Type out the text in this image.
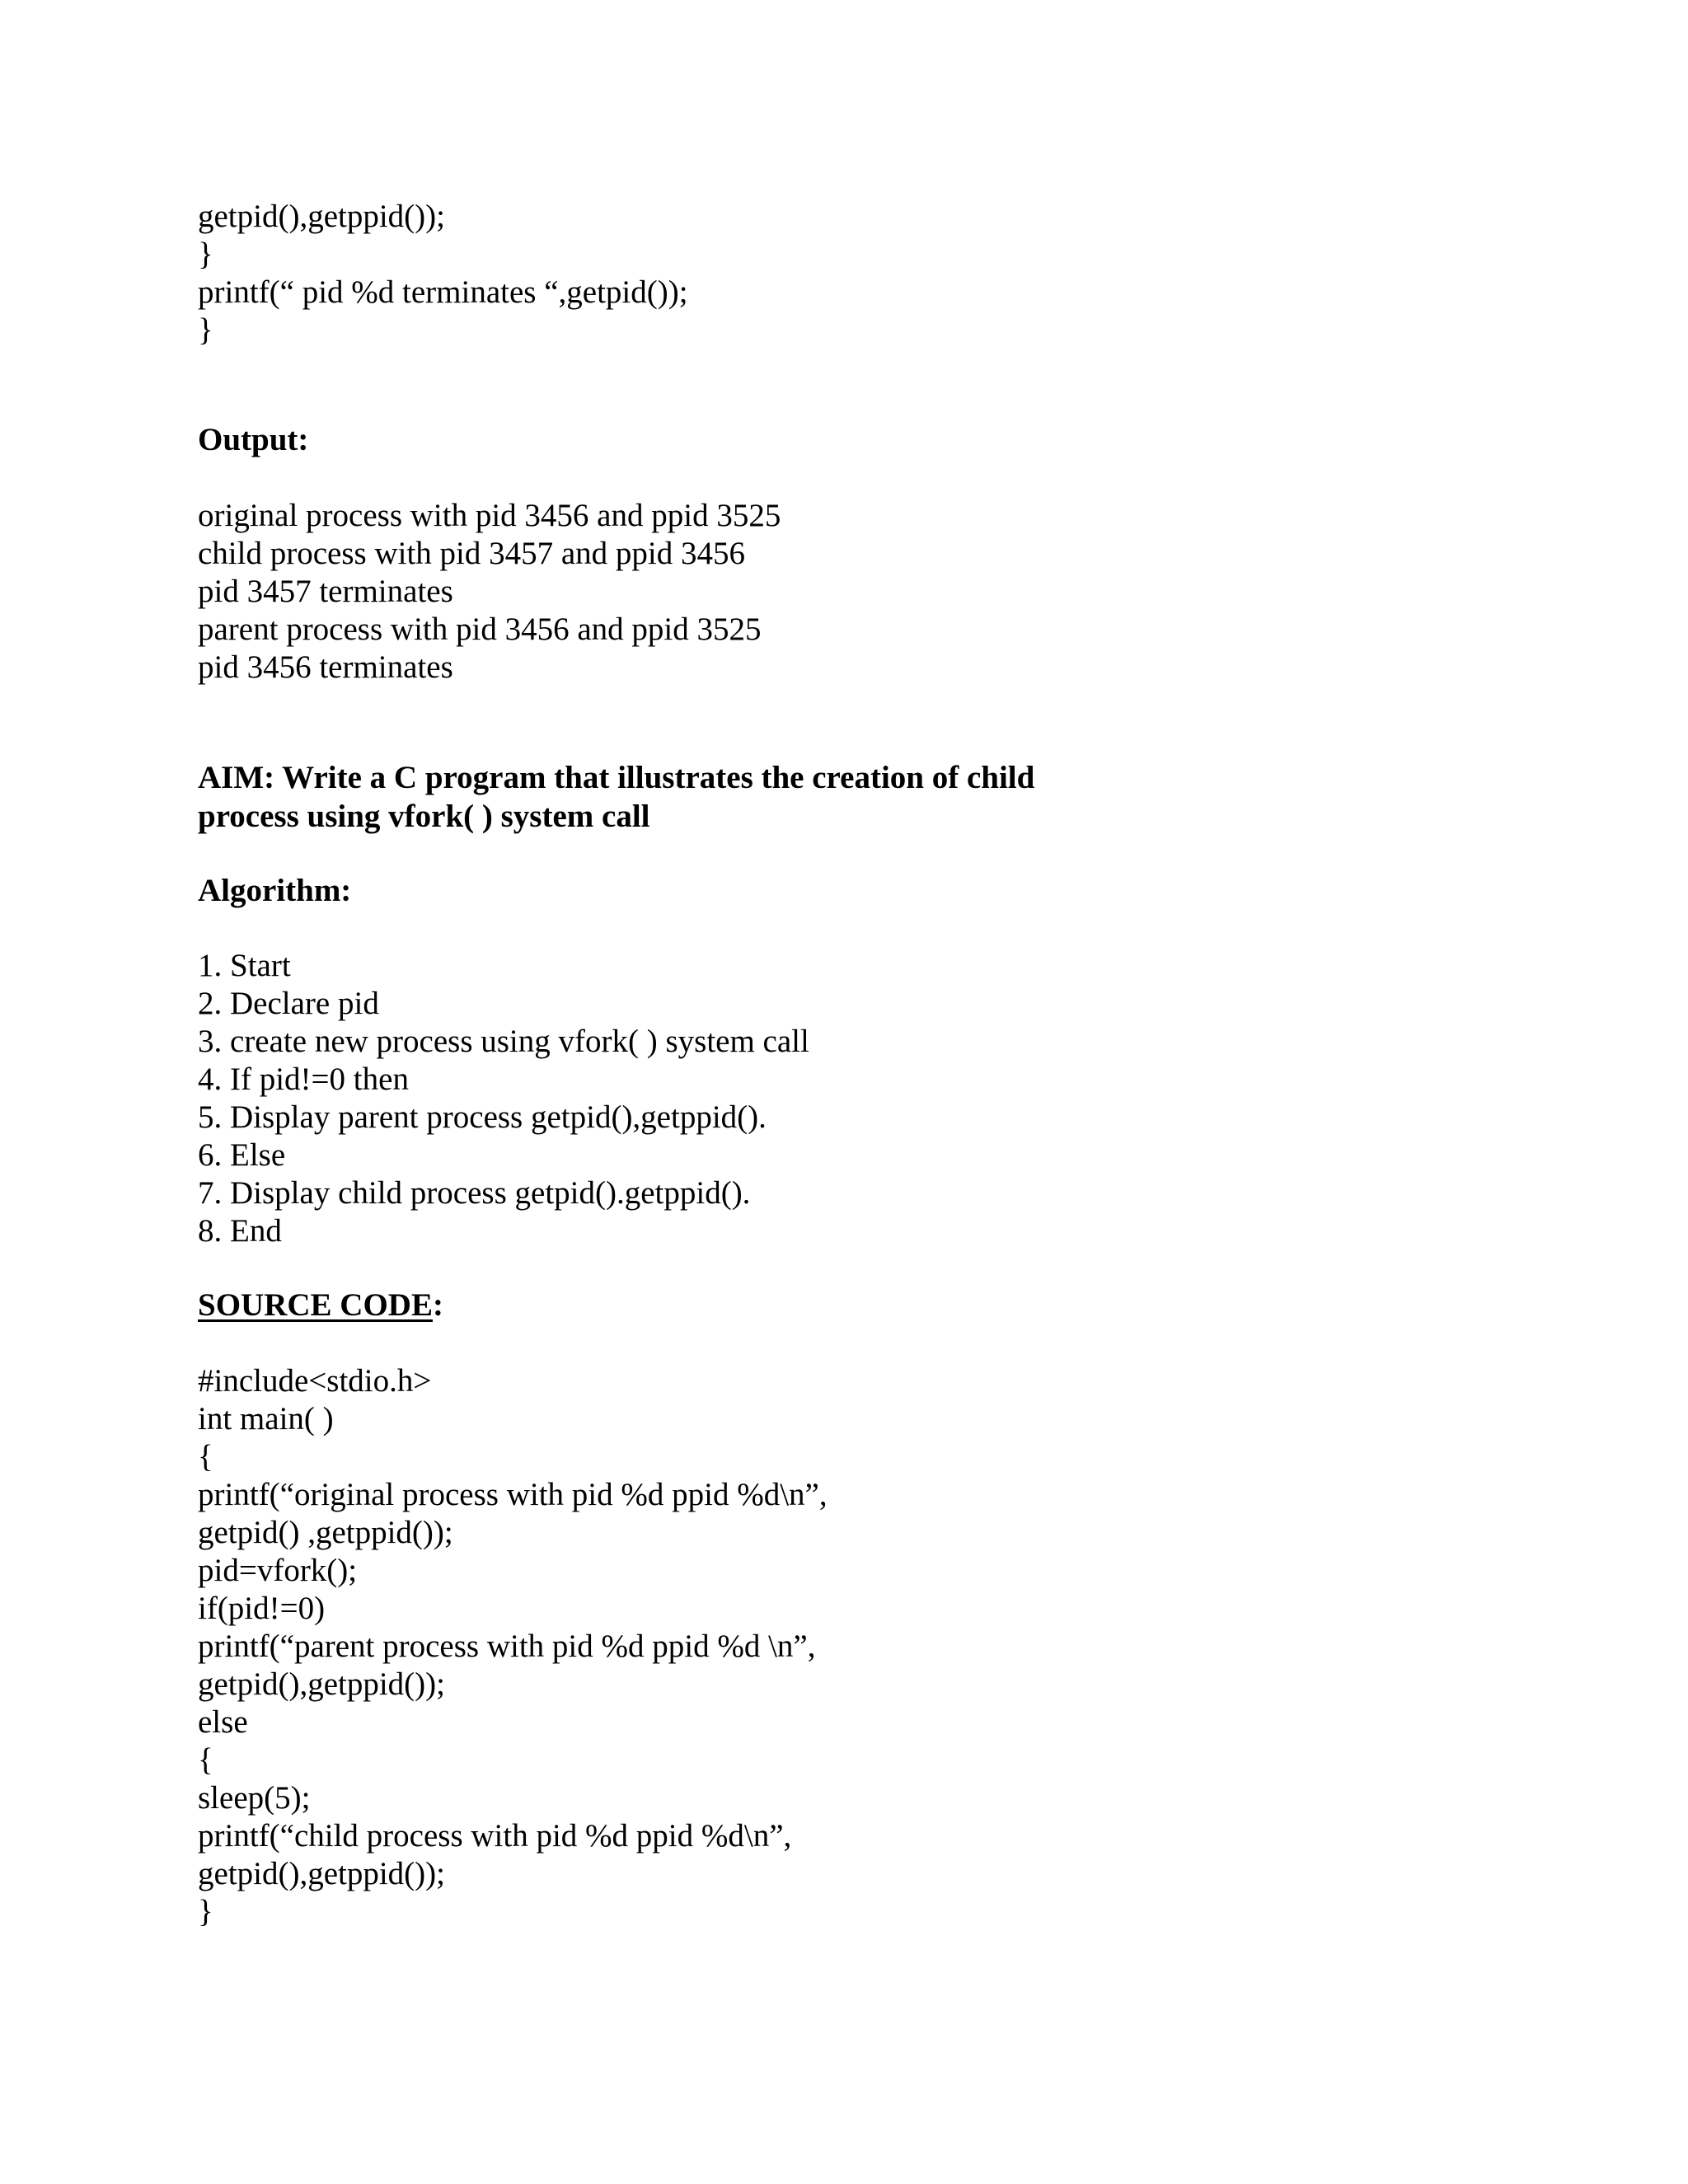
getpid(),getppid());
}
printf(“ pid %d terminates “,getpid());
}
Output:
original process with pid 3456 and ppid 3525
child process with pid 3457 and ppid 3456
pid 3457 terminates
parent process with pid 3456 and ppid 3525
pid 3456 terminates
AIM: Write a C program that illustrates the creation of child
process using vfork( ) system call
Algorithm:
1. Start
2. Declare pid
3. create new process using vfork( ) system call
4. If pid!=0 then
5. Display parent process getpid(),getppid().
6. Else
7. Display child process getpid().getppid().
8. End
SOURCE CODE:
#include<stdio.h>
int main( )
{
printf(“original process with pid %d ppid %d\n”,
getpid() ,getppid());
pid=vfork();
if(pid!=0)
printf(“parent process with pid %d ppid %d \n”,
getpid(),getppid());
else
{
sleep(5);
printf(“child process with pid %d ppid %d\n”,
getpid(),getppid());
}
